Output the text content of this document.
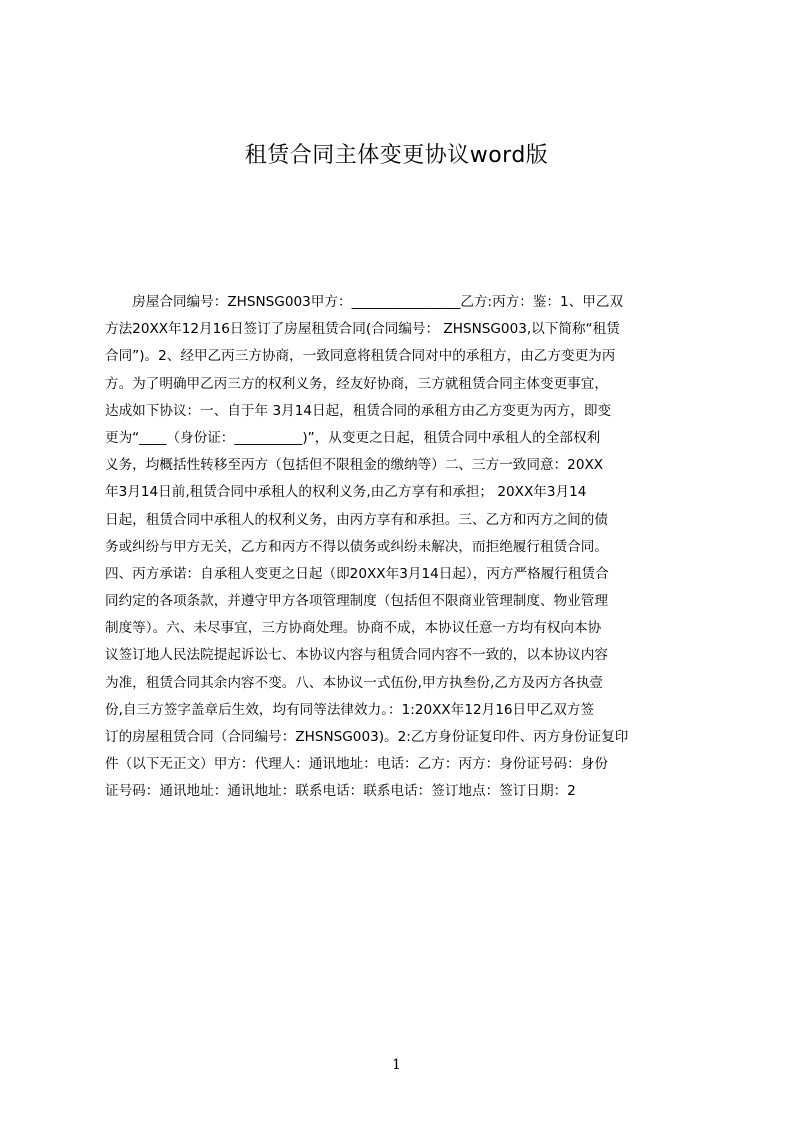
租赁合同主体变更协议word版
　　房屋合同编号：ZHSNSG003甲方：________________乙方:丙方：鉴：1、甲乙双
方法20XX年12月16日签订了房屋租赁合同(合同编号： ZHSNSG003,以下简称“租赁
合同”)。2、经甲乙丙三方协商，一致同意将租赁合同对中的承租方，由乙方变更为丙
方。为了明确甲乙丙三方的权利义务，经友好协商，三方就租赁合同主体变更事宜，
达成如下协议：一、自于年 3月14日起，租赁合同的承租方由乙方变更为丙方，即变
更为“____（身份证：__________)”，从变更之日起，租赁合同中承租人的全部权利
义务，均概括性转移至丙方（包括但不限租金的缴纳等）二、三方一致同意：20XX
年3月14日前,租赁合同中承租人的权利义务,由乙方享有和承担； 20XX年3月14
日起，租赁合同中承租人的权利义务，由丙方享有和承担。三、乙方和丙方之间的债
务或纠纷与甲方无关，乙方和丙方不得以债务或纠纷未解决，而拒绝履行租赁合同。
四、丙方承诺：自承租人变更之日起（即20XX年3月14日起），丙方严格履行租赁合
同约定的各项条款，并遵守甲方各项管理制度（包括但不限商业管理制度、物业管理
制度等）。六、未尽事宜，三方协商处理。协商不成，本协议任意一方均有权向本协
议签订地人民法院提起诉讼七、本协议内容与租赁合同内容不一致的，以本协议内容
为准，租赁合同其余内容不变。八、本协议一式伍份,甲方执叁份,乙方及丙方各执壹
份,自三方签字盖章后生效，均有同等法律效力。：1:20XX年12月16日甲乙双方签
订的房屋租赁合同（合同编号：ZHSNSG003)。2:乙方身份证复印件、丙方身份证复印
件（以下无正文）甲方：代理人：通讯地址：电话：乙方：丙方：身份证号码：身份
证号码：通讯地址：通讯地址：联系电话：联系电话：签订地点：签订日期：2
1
